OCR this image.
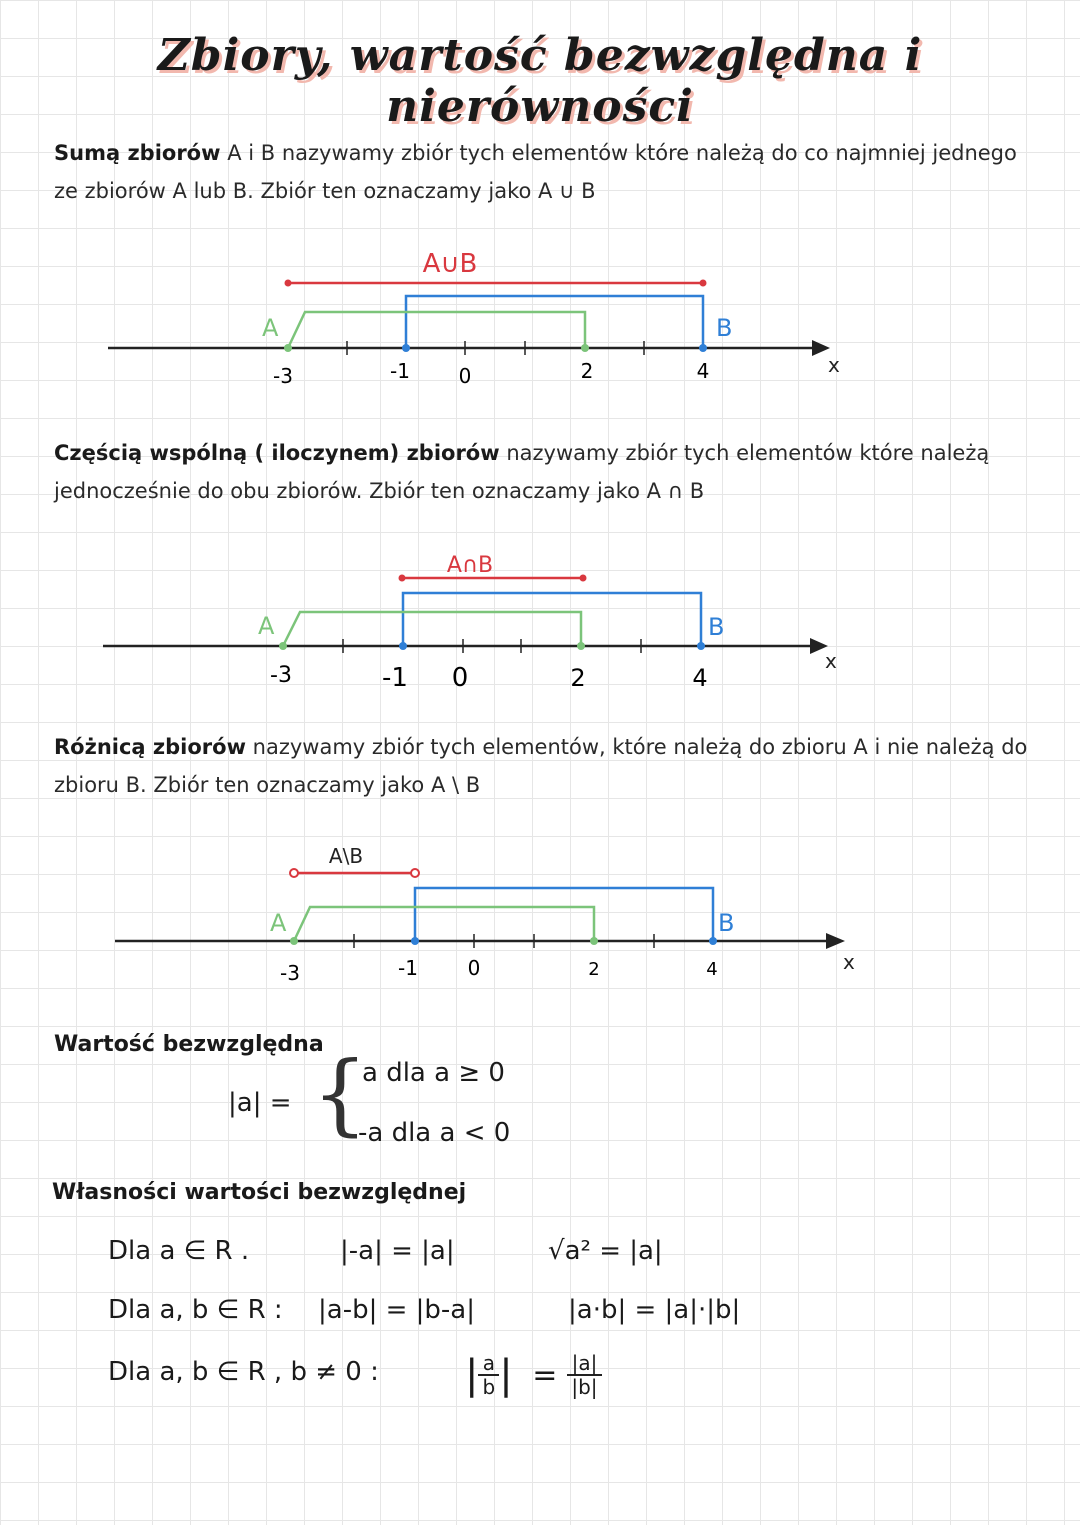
Zbiory, wartość bezwzględna i nierówności
Sumą zbiorów A i B nazywamy zbiór tych elementów które należą do co najmniej jednego ze zbiorów A lub B. Zbiór ten oznaczamy jako A ∪ B
A∪B
B
A
x
-3	-1 0	2	4
Częścią wspólną ( iloczynem) zbiorów nazywamy zbiór tych elementów które należą jednocześnie do obu zbiorów. Zbiór ten oznaczamy jako A ∩ B
A∩B
B
A
x
-3	-1 0	2	4
Różnicą zbiorów nazywamy zbiór tych elementów, które należą do zbioru A i nie należą do zbioru B. Zbiór ten oznaczamy jako A \ B
A\B
B
A
x
-3	-1 0	2	4
Wartość bezwzględna
|a| = {
a dla a ≥ 0
-a dla a < 0
Własności wartości bezwzględnej
Dla a ∈ R .	|-a| = |a|	√a² = |a|
Dla a, b ∈ R : |a-b| = |b-a|	|a·b| = |a|·|b|
Dla a, b ∈ R , b ≠ 0 : | $\frac{a}{b}$ | = $\frac{|a|}{|b|}$
